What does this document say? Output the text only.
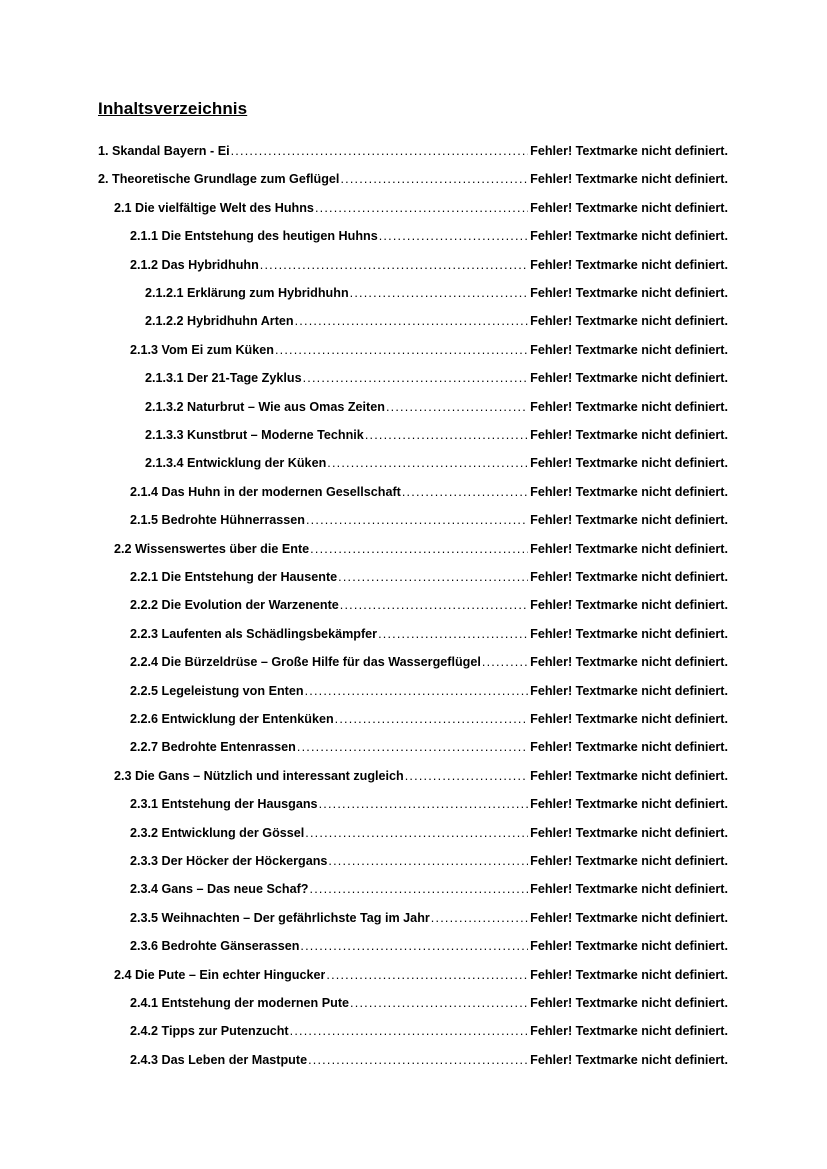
Inhaltsverzeichnis
1. Skandal Bayern - Ei .....	Fehler! Textmarke nicht definiert.
2. Theoretische Grundlage zum Geflügel .....	Fehler! Textmarke nicht definiert.
2.1 Die vielfältige Welt des Huhns .....	Fehler! Textmarke nicht definiert.
2.1.1 Die Entstehung des heutigen Huhns .....	Fehler! Textmarke nicht definiert.
2.1.2 Das Hybridhuhn .....	Fehler! Textmarke nicht definiert.
2.1.2.1 Erklärung zum Hybridhuhn .....	Fehler! Textmarke nicht definiert.
2.1.2.2 Hybridhuhn Arten .....	Fehler! Textmarke nicht definiert.
2.1.3 Vom Ei zum Küken .....	Fehler! Textmarke nicht definiert.
2.1.3.1 Der 21-Tage Zyklus .....	Fehler! Textmarke nicht definiert.
2.1.3.2 Naturbrut – Wie aus Omas Zeiten .....	Fehler! Textmarke nicht definiert.
2.1.3.3 Kunstbrut – Moderne Technik .....	Fehler! Textmarke nicht definiert.
2.1.3.4 Entwicklung der Küken .....	Fehler! Textmarke nicht definiert.
2.1.4 Das Huhn in der modernen Gesellschaft .....	Fehler! Textmarke nicht definiert.
2.1.5 Bedrohte Hühnerrassen .....	Fehler! Textmarke nicht definiert.
2.2 Wissenswertes über die Ente .....	Fehler! Textmarke nicht definiert.
2.2.1 Die Entstehung der Hausente .....	Fehler! Textmarke nicht definiert.
2.2.2 Die Evolution der Warzenente .....	Fehler! Textmarke nicht definiert.
2.2.3 Laufenten als Schädlingsbekämpfer .....	Fehler! Textmarke nicht definiert.
2.2.4 Die Bürzeldrüse – Große Hilfe für das Wassergeflügel .....	Fehler! Textmarke nicht definiert.
2.2.5 Legeleistung von Enten .....	Fehler! Textmarke nicht definiert.
2.2.6 Entwicklung der Entenküken .....	Fehler! Textmarke nicht definiert.
2.2.7 Bedrohte Entenrassen .....	Fehler! Textmarke nicht definiert.
2.3 Die Gans – Nützlich und interessant zugleich .....	Fehler! Textmarke nicht definiert.
2.3.1 Entstehung der Hausgans .....	Fehler! Textmarke nicht definiert.
2.3.2 Entwicklung der Gössel .....	Fehler! Textmarke nicht definiert.
2.3.3 Der Höcker der Höckergans .....	Fehler! Textmarke nicht definiert.
2.3.4 Gans – Das neue Schaf? .....	Fehler! Textmarke nicht definiert.
2.3.5 Weihnachten – Der gefährlichste Tag im Jahr .....	Fehler! Textmarke nicht definiert.
2.3.6 Bedrohte Gänserassen .....	Fehler! Textmarke nicht definiert.
2.4 Die Pute – Ein echter Hingucker .....	Fehler! Textmarke nicht definiert.
2.4.1 Entstehung der modernen Pute .....	Fehler! Textmarke nicht definiert.
2.4.2 Tipps zur Putenzucht .....	Fehler! Textmarke nicht definiert.
2.4.3 Das Leben der Mastpute .....	Fehler! Textmarke nicht definiert.
